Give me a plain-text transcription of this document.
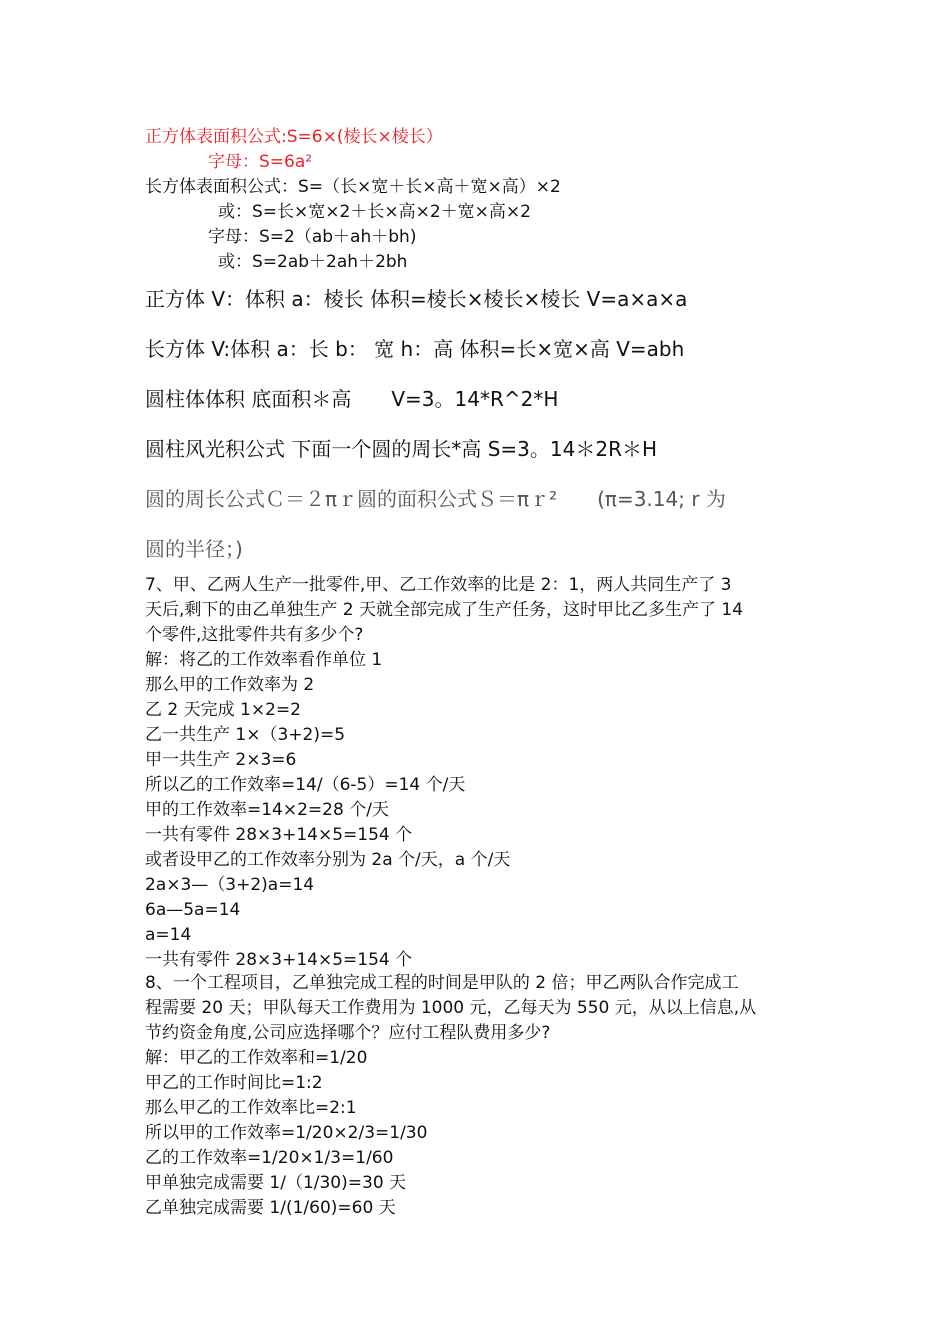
正方体表面积公式:S=6×(棱长×棱长）
字母：S=6a²
长方体表面积公式：S=（长×宽＋长×高＋宽×高）×2
或：S=长×宽×2＋长×高×2＋宽×高×2
字母：S=2（ab＋ah＋bh)
或：S=2ab＋2ah＋2bh
正方体 V：体积 a：棱长 体积=棱长×棱长×棱长 V=a×a×a
长方体 V:体积 a：长 b： 宽 h：高 体积=长×宽×高 V=abh
圆柱体体积 底面积＊高　　V=3。14*R^2*H
圆柱风光积公式 下面一个圆的周长*高 S=3。14＊2R＊H
圆的周长公式Ｃ＝２πｒ圆的面积公式Ｓ＝πｒ²　　(π=3.14; r 为
圆的半径；)
7、甲、乙两人生产一批零件,甲、乙工作效率的比是 2：1，两人共同生产了 3
天后,剩下的由乙单独生产 2 天就全部完成了生产任务，这时甲比乙多生产了 14
个零件,这批零件共有多少个?
解：将乙的工作效率看作单位 1
那么甲的工作效率为 2
乙 2 天完成 1×2=2
乙一共生产 1×（3+2)=5
甲一共生产 2×3=6
所以乙的工作效率=14/（6-5）=14 个/天
甲的工作效率=14×2=28 个/天
一共有零件 28×3+14×5=154 个
或者设甲乙的工作效率分别为 2a 个/天，a 个/天
2a×3—（3+2)a=14
6a—5a=14
a=14
一共有零件 28×3+14×5=154 个
8、一个工程项目，乙单独完成工程的时间是甲队的 2 倍；甲乙两队合作完成工
程需要 20 天；甲队每天工作费用为 1000 元，乙每天为 550 元，从以上信息,从
节约资金角度,公司应选择哪个？应付工程队费用多少?
解：甲乙的工作效率和=1/20
甲乙的工作时间比=1:2
那么甲乙的工作效率比=2:1
所以甲的工作效率=1/20×2/3=1/30
乙的工作效率=1/20×1/3=1/60
甲单独完成需要 1/（1/30)=30 天
乙单独完成需要 1/(1/60)=60 天
